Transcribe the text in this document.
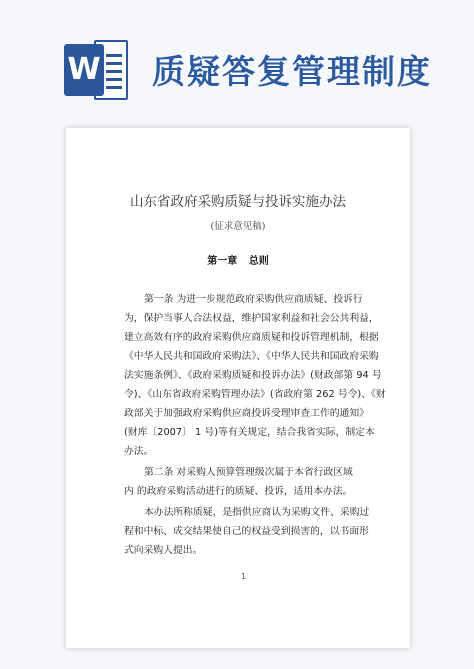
W 质疑答复管理制度
山东省政府采购质疑与投诉实施办法
(征求意见稿)
第一章 总则
第一条 为进一步规范政府采购供应商质疑、投诉行
为，保护当事人合法权益，维护国家利益和社会公共利益，
建立高效有序的政府采购供应商质疑和投诉管理机制，根据
《中华人民共和国政府采购法》、《中华人民共和国政府采购
法实施条例》、《政府采购质疑和投诉办法》(财政部第 94 号
令)、《山东省政府采购管理办法》(省政府第 262 号令)、《财
政部关于加强政府采购供应商投诉受理审查工作的通知》
(财库〔2007〕 1 号)等有关规定，结合我省实际，制定本
办法。
第二条 对采购人预算管理级次属于本省行政区域
内 的政府采购活动进行的质疑、投诉，适用本办法。
本办法所称质疑，是指供应商认为采购文件、采购过
程和中标、成交结果使自己的权益受到损害的，以书面形
式向采购人提出。
1
